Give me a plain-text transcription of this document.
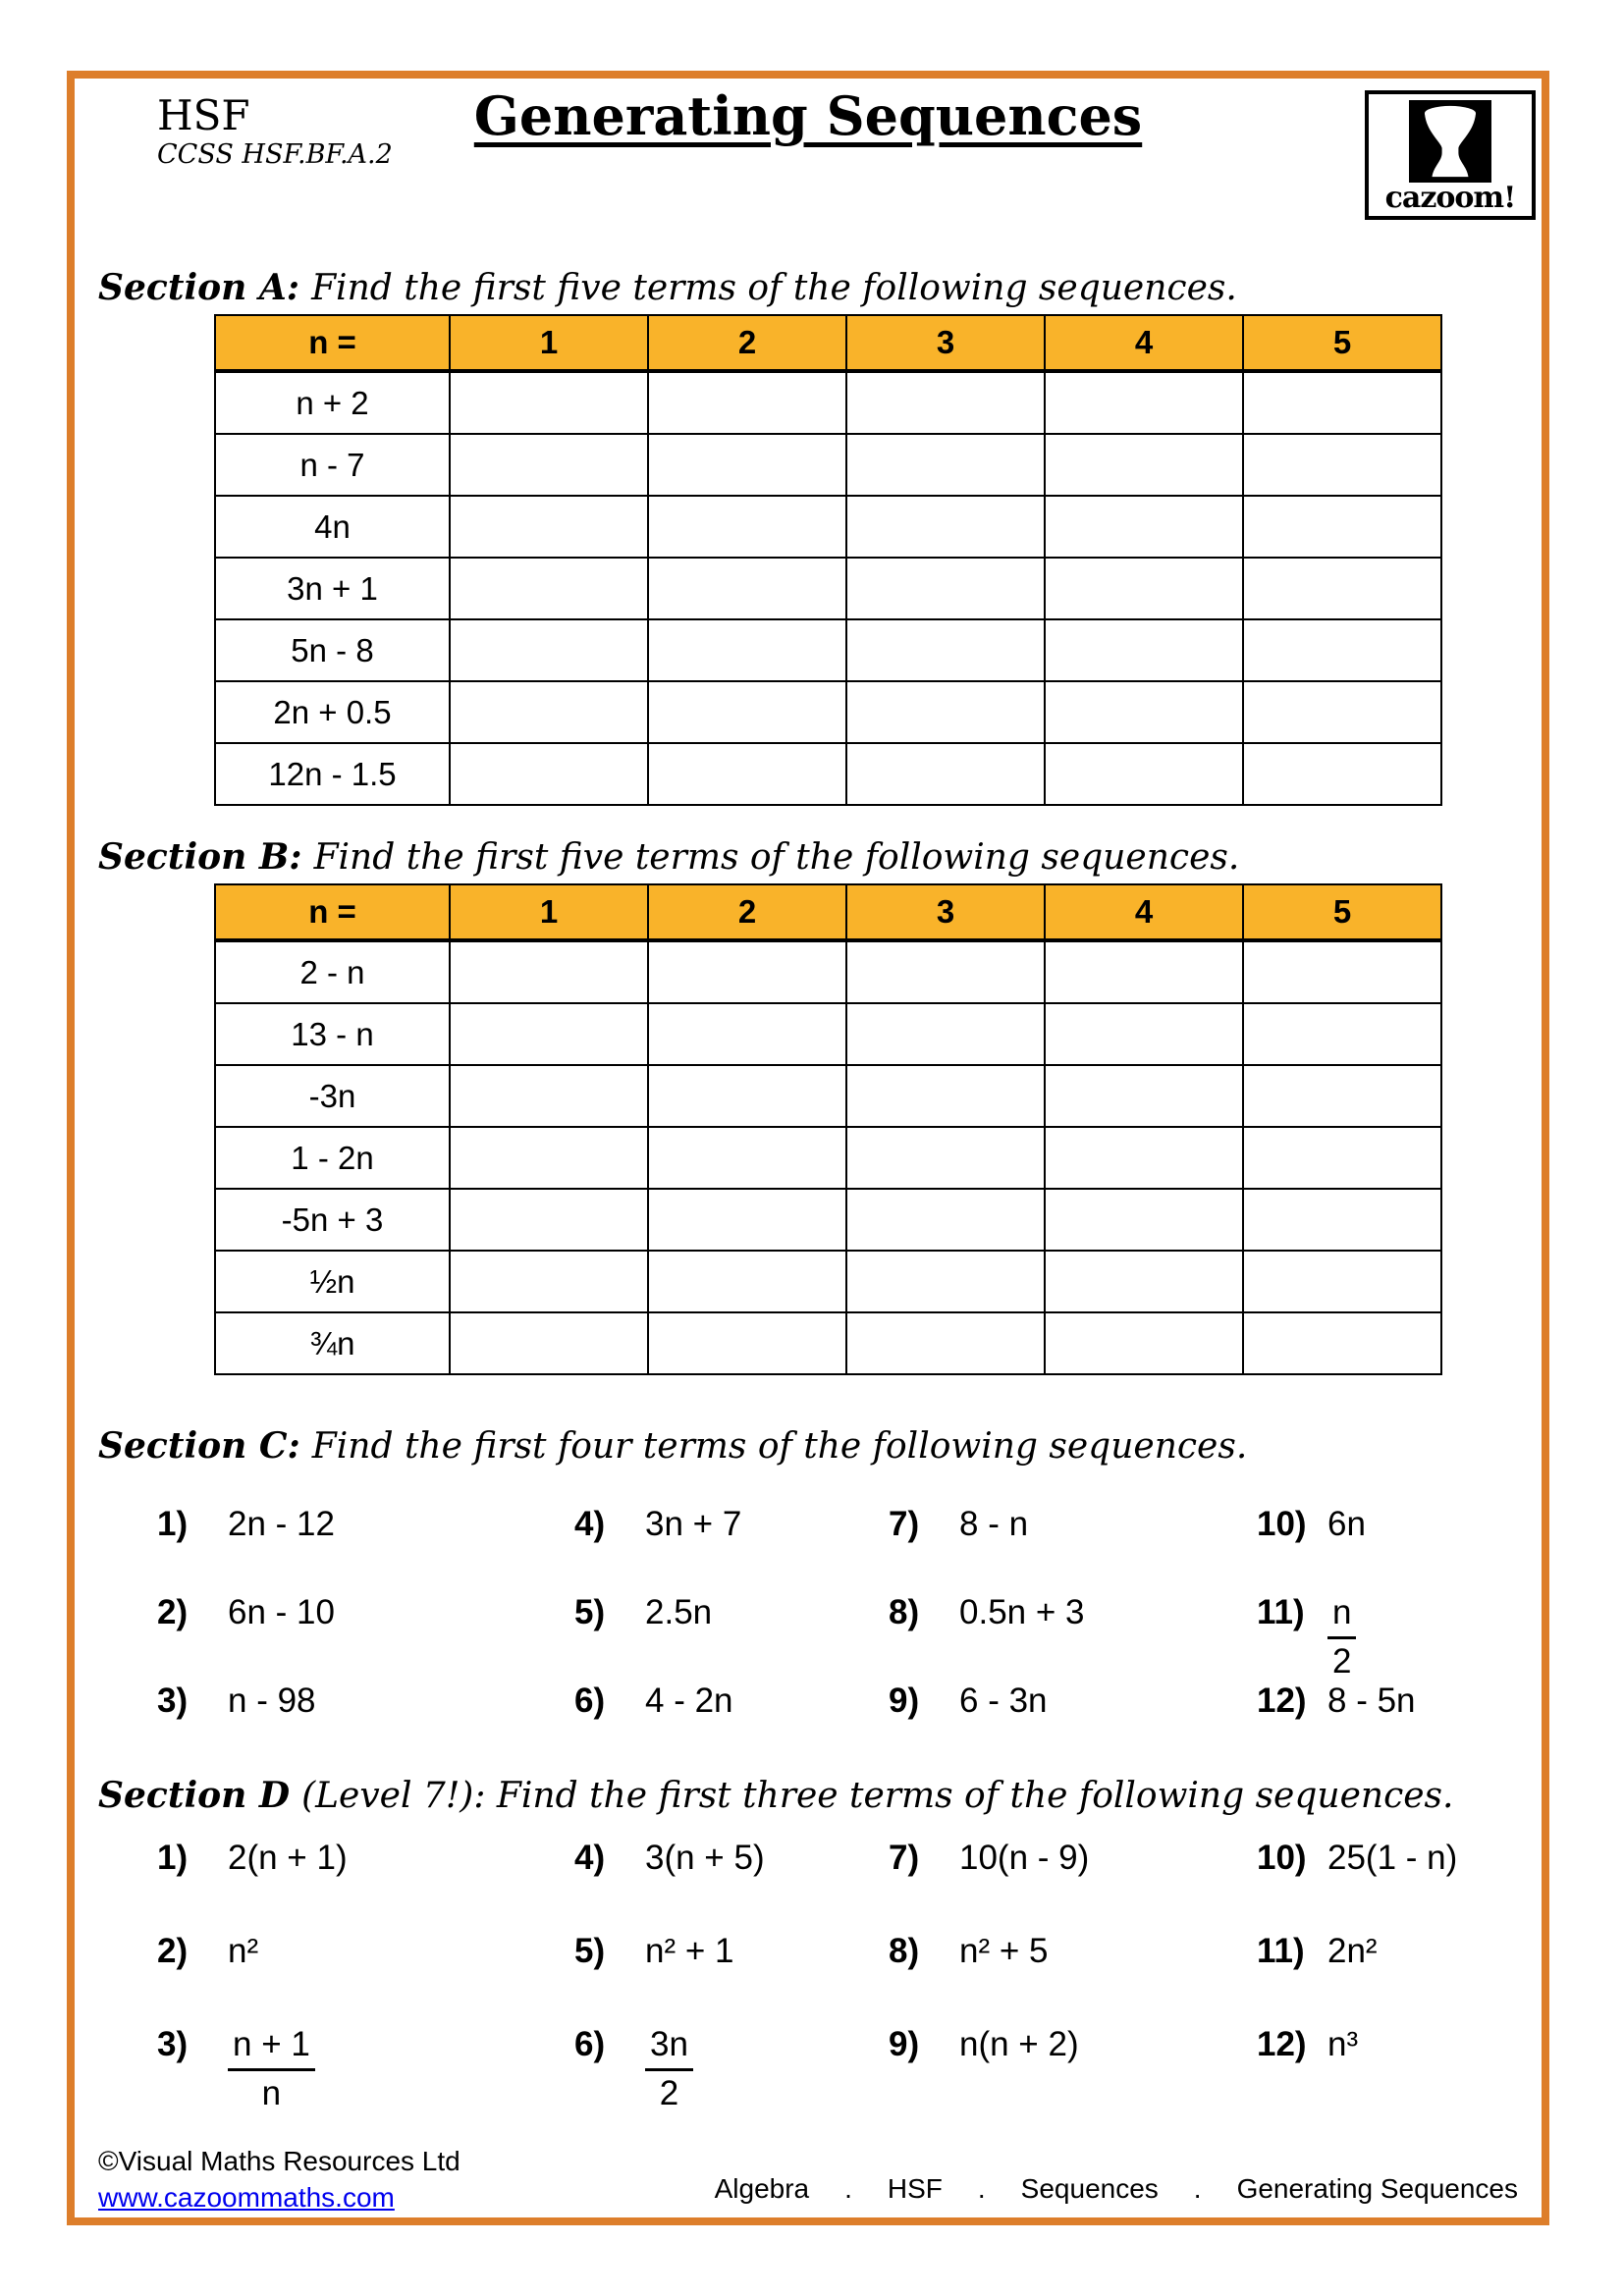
HSF
CCSS HSF.BF.A.2
Generating Sequences
cazoom!
Section A: Find the first five terms of the following sequences.
n =	1	2	3	4	5
n + 2					
n - 7					
4n					
3n + 1					
5n - 8					
2n + 0.5					
12n - 1.5					
Section B: Find the first five terms of the following sequences.
n =	1	2	3	4	5
2 - n					
13 - n					
-3n					
1 - 2n					
-5n + 3					
½n					
¾n					
Section C: Find the first four terms of the following sequences.
1)	2n - 12	4)	3n + 7	7)	8 - n	10) 6n
2)	6n - 10	5)	2.5n	8)	0.5n + 3	$11) \frac{n}{2}$
3)	n - 98	6)	4 - 2n	9)	6 - 3n	12) 8 - 5n
Section D (Level 7!): Find the first three terms of the following sequences.
1)	2(n + 1)	4)	3(n + 5)	7)	10(n - 9)	10) 25(1 - n)
2)	n²	5)	n² + 1	8)	n² + 5	11) 2n²
3)	$\frac{n + 1}{n}$	6)	$\frac{3n}{2}$	9)	n(n + 2)	12) n³
©Visual Maths Resources Ltd
www.cazoommaths.com	Algebra . HSF . Sequences . Generating Sequences
